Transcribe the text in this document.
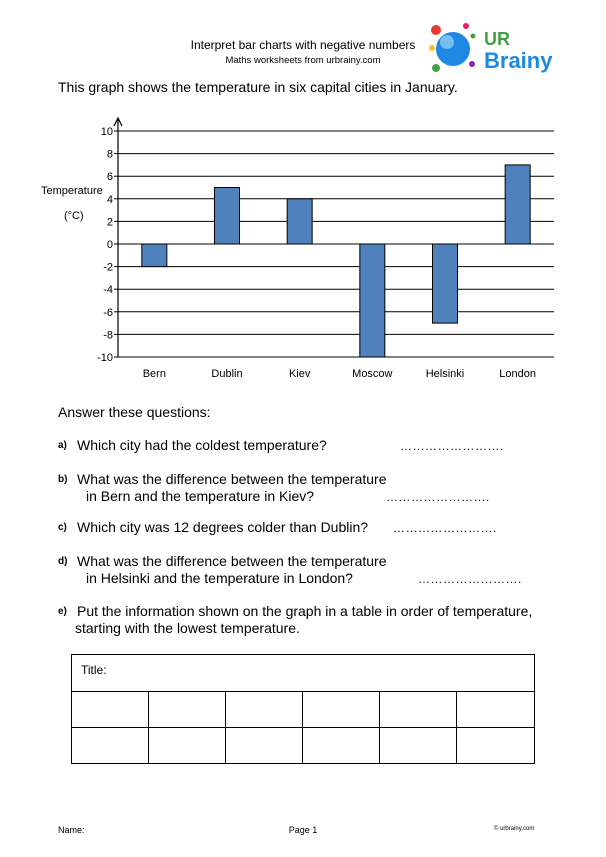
Interpret bar charts with negative numbers
Maths worksheets from urbrainy.com
UR
Brainy
This graph shows the temperature in six capital cities in January.
10
8
6
4
2
0
-2
-4
-6
-8
-10
Bern	Dublin	Kiev	Moscow	Helsinki	London
Temperature
(°C)
Answer these questions:
a) Which city had the coldest temperature?	…………………….
b) What was the difference between the temperature
in Bern and the temperature in Kiev?	…………………….
c) Which city was 12 degrees colder than Dublin? …………………….
d) What was the difference between the temperature
in Helsinki and the temperature in London?	…………………….
e) Put the information shown on the graph in a table in order of temperature,
starting with the lowest temperature.
Title:					

Name:	Page 1	© urbrainy.com
